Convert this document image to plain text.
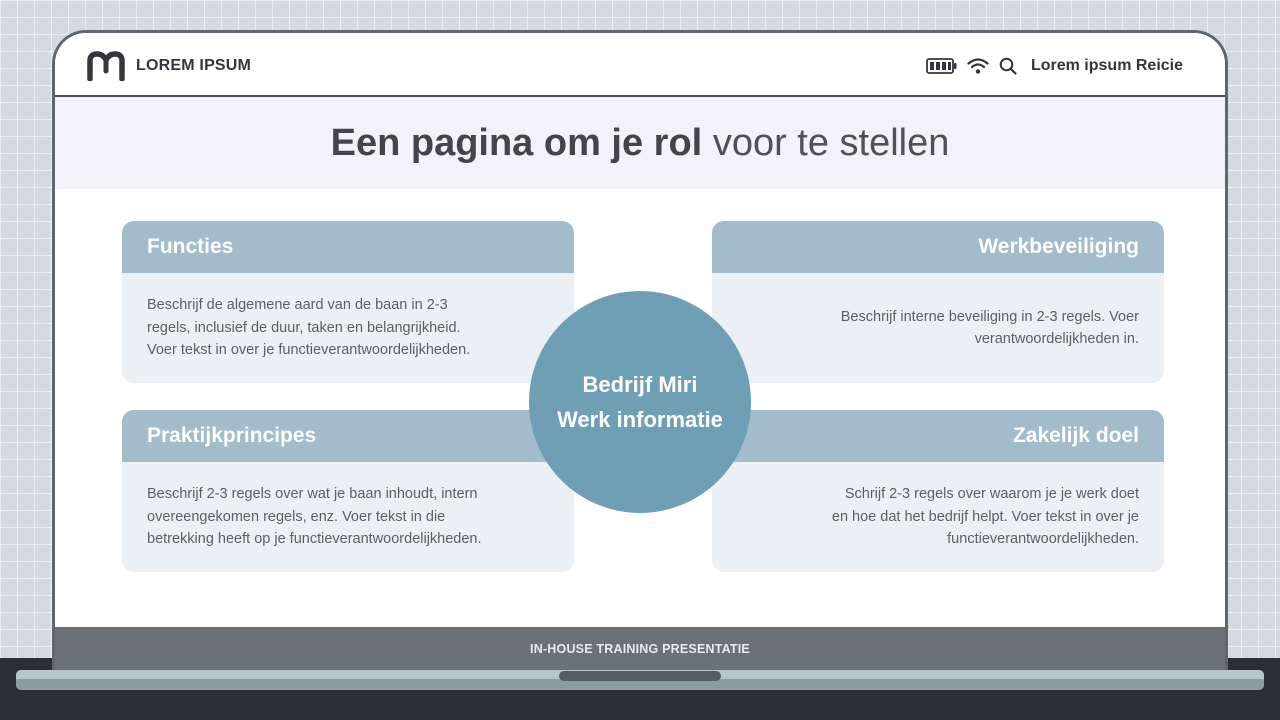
LOREM IPSUM	Lorem ipsum Reicie
Een pagina om je rol voor te stellen
Functies
Beschrijf de algemene aard van de baan in 2-3
regels, inclusief de duur, taken en belangrijkheid.
Voer tekst in over je functieverantwoordelijkheden.
Werkbeveiliging
Beschrijf interne beveiliging in 2-3 regels. Voer
verantwoordelijkheden in.
Praktijkprincipes
Beschrijf 2-3 regels over wat je baan inhoudt, intern
overeengekomen regels, enz. Voer tekst in die
betrekking heeft op je functieverantwoordelijkheden.
Zakelijk doel
Schrijf 2-3 regels over waarom je je werk doet
en hoe dat het bedrijf helpt. Voer tekst in over je
functieverantwoordelijkheden.
Bedrijf Miri
Werk informatie
IN-HOUSE TRAINING PRESENTATIE
